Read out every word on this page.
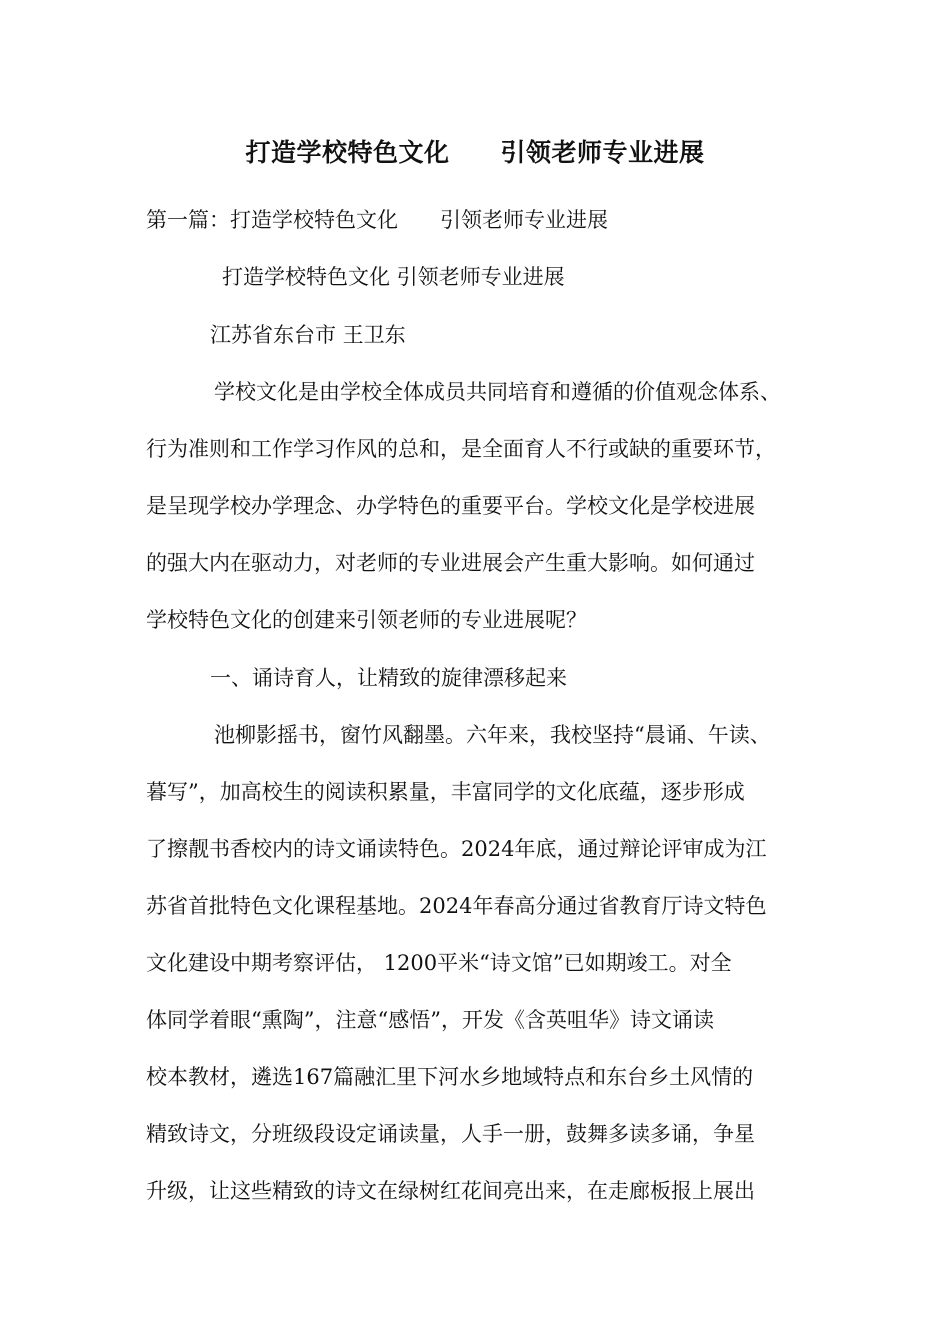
打造学校特色文化　　引领老师专业进展
第一篇：打造学校特色文化　　引领老师专业进展
打造学校特色文化 引领老师专业进展
江苏省东台市 王卫东
学校文化是由学校全体成员共同培育和遵循的价值观念体系、
行为准则和工作学习作风的总和，是全面育人不行或缺的重要环节，
是呈现学校办学理念、办学特色的重要平台。学校文化是学校进展
的强大内在驱动力，对老师的专业进展会产生重大影响。如何通过
学校特色文化的创建来引领老师的专业进展呢？
一、诵诗育人，让精致的旋律漂移起来
池柳影摇书，窗竹风翻墨。六年来，我校坚持“晨诵、午读、
暮写”，加高校生的阅读积累量，丰富同学的文化底蕴，逐步形成
了擦靓书香校内的诗文诵读特色。2024年底，通过辩论评审成为江
苏省首批特色文化课程基地。2024年春高分通过省教育厅诗文特色
文化建设中期考察评估， 1200平米“诗文馆”已如期竣工。对全
体同学着眼“熏陶”，注意“感悟”，开发《含英咀华》诗文诵读
校本教材，遴选167篇融汇里下河水乡地域特点和东台乡土风情的
精致诗文，分班级段设定诵读量，人手一册，鼓舞多读多诵，争星
升级，让这些精致的诗文在绿树红花间亮出来，在走廊板报上展出
